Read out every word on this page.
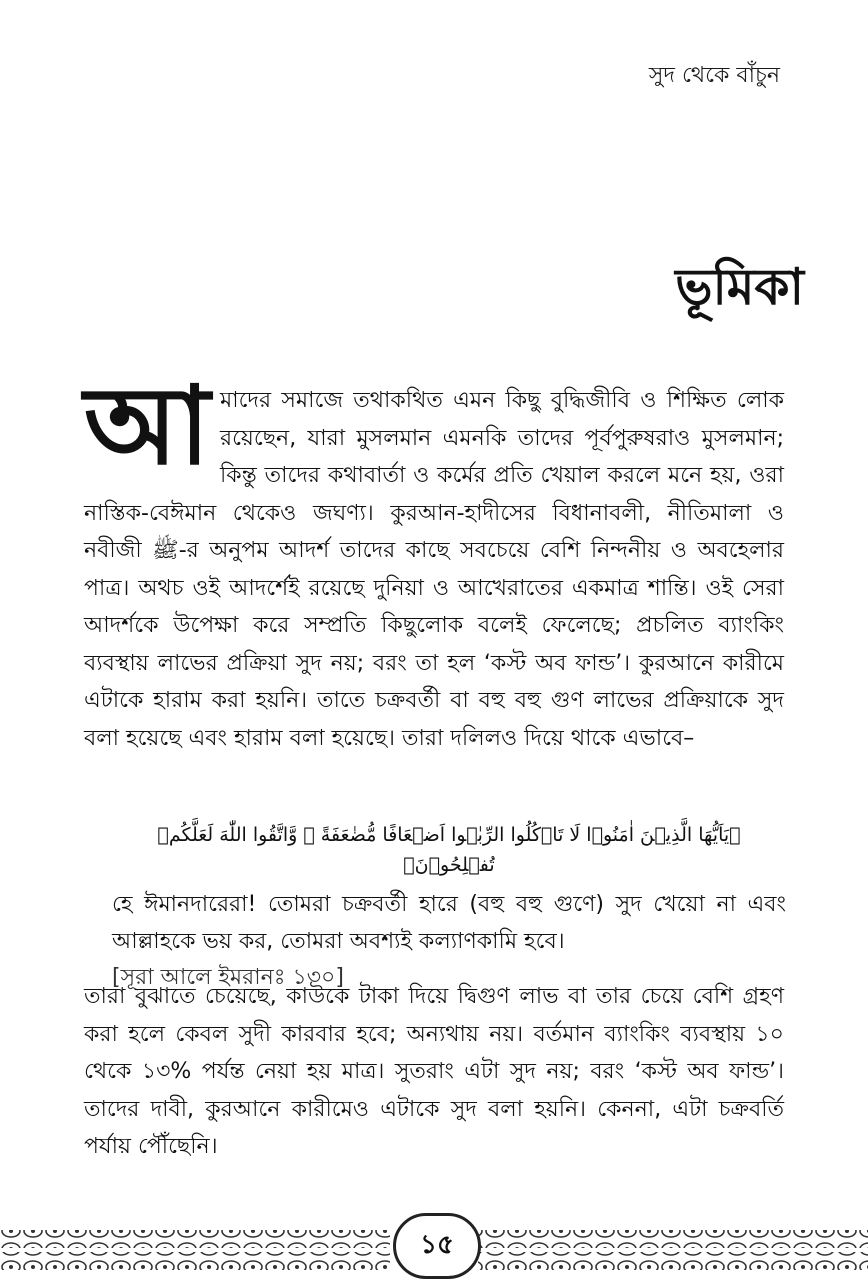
সুদ থেকে বাঁচুন
ভূমিকা
আ মাদের সমাজে তথাকথিত এমন কিছু বুদ্ধিজীবি ও শিক্ষিত লোক রয়েছেন, যারা মুসলমান এমনকি তাদের পূর্বপুরুষরাও মুসলমান; কিন্তু তাদের কথাবার্তা ও কর্মের প্রতি খেয়াল করলে মনে হয়, ওরা নাস্তিক-বেঈমান থেকেও জঘণ্য। কুরআন-হাদীসের বিধানাবলী, নীতিমালা ও নবীজী ﷺ-র অনুপম আদর্শ তাদের কাছে সবচেয়ে বেশি নিন্দনীয় ও অবহেলার পাত্র। অথচ ওই আদর্শেই রয়েছে দুনিয়া ও আখেরাতের একমাত্র শান্তি। ওই সেরা আদর্শকে উপেক্ষা করে সম্প্রতি কিছুলোক বলেই ফেলেছে; প্রচলিত ব্যাংকিং ব্যবস্থায় লাভের প্রক্রিয়া সুদ নয়; বরং তা হল ‘কস্ট অব ফান্ড’। কুরআনে কারীমে এটাকে হারাম করা হয়নি। তাতে চক্রবর্তী বা বহু বহু গুণ লাভের প্রক্রিয়াকে সুদ বলা হয়েছে এবং হারাম বলা হয়েছে। তারা দলিলও দিয়ে থাকে এভাবে–

﴿يَاَيُّهَا الَّذِيۡنَ اٰمَنُوۡا لَا تَاۡكُلُوا الرِّبٰۤوا اَضۡعَافًا مُّضٰعَفَةً ۪ وَّاتَّقُوا اللّٰهَ لَعَلَّكُمۡ تُفۡلِحُوۡنَ﴾

হে ঈমানদারেরা! তোমরা চক্রবর্তী হারে (বহু বহু গুণে) সুদ খেয়ো না এবং আল্লাহকে ভয় কর, তোমরা অবশ্যই কল্যাণকামি হবে।

[সূরা আলে ইমরানঃ ১৩০]

তারা বুঝাতে চেয়েছে, কাউকে টাকা দিয়ে দ্বিগুণ লাভ বা তার চেয়ে বেশি গ্রহণ করা হলে কেবল সুদী কারবার হবে; অন্যথায় নয়। বর্তমান ব্যাংকিং ব্যবস্থায় ১০ থেকে ১৩% পর্যন্ত নেয়া হয় মাত্র। সুতরাং এটা সুদ নয়; বরং ‘কস্ট অব ফান্ড’। তাদের দাবী, কুরআনে কারীমেও এটাকে সুদ বলা হয়নি। কেননা, এটা চক্রবর্তি পর্যায় পৌঁছেনি।

১৫
